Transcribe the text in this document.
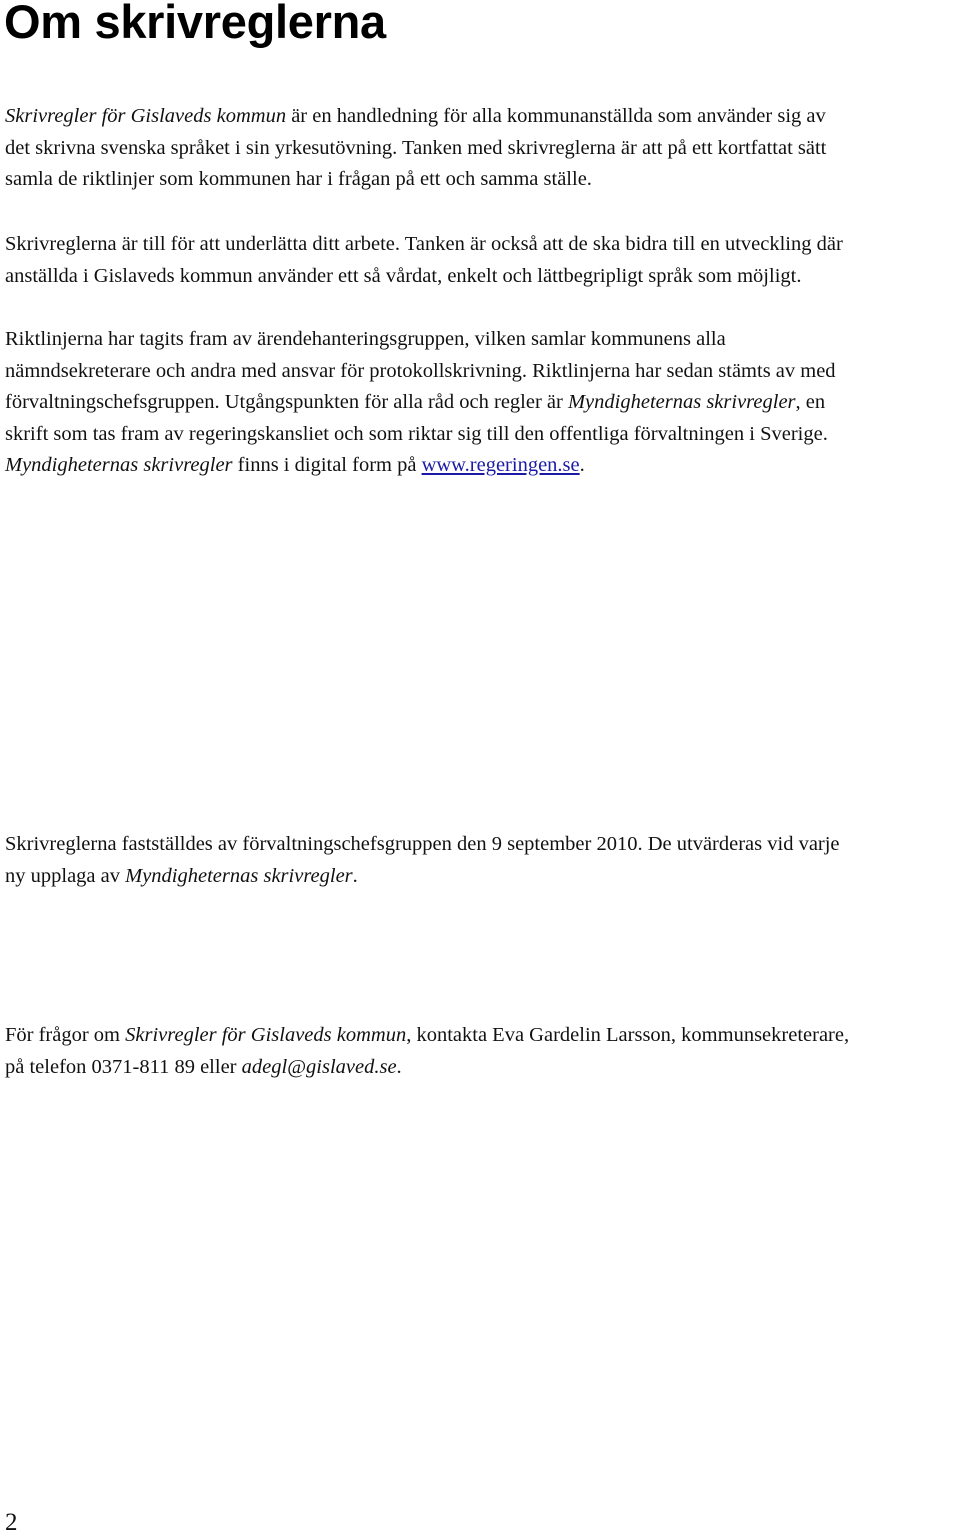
Om skrivreglerna

Skrivregler för Gislaveds kommun är en handledning för alla kommunanställda som använder sig av
det skrivna svenska språket i sin yrkesutövning. Tanken med skrivreglerna är att på ett kortfattat sätt
samla de riktlinjer som kommunen har i frågan på ett och samma ställe.

Skrivreglerna är till för att underlätta ditt arbete. Tanken är också att de ska bidra till en utveckling där
anställda i Gislaveds kommun använder ett så vårdat, enkelt och lättbegripligt språk som möjligt.

Riktlinjerna har tagits fram av ärendehanteringsgruppen, vilken samlar kommunens alla
nämndsekreterare och andra med ansvar för protokollskrivning. Riktlinjerna har sedan stämts av med
förvaltningschefsgruppen. Utgångspunkten för alla råd och regler är Myndigheternas skrivregler, en
skrift som tas fram av regeringskansliet och som riktar sig till den offentliga förvaltningen i Sverige.
Myndigheternas skrivregler finns i digital form på www.regeringen.se.

Skrivreglerna fastställdes av förvaltningschefsgruppen den 9 september 2010. De utvärderas vid varje
ny upplaga av Myndigheternas skrivregler.

För frågor om Skrivregler för Gislaveds kommun, kontakta Eva Gardelin Larsson, kommunsekreterare,
på telefon 0371-811 89 eller adegl@gislaved.se.

2
